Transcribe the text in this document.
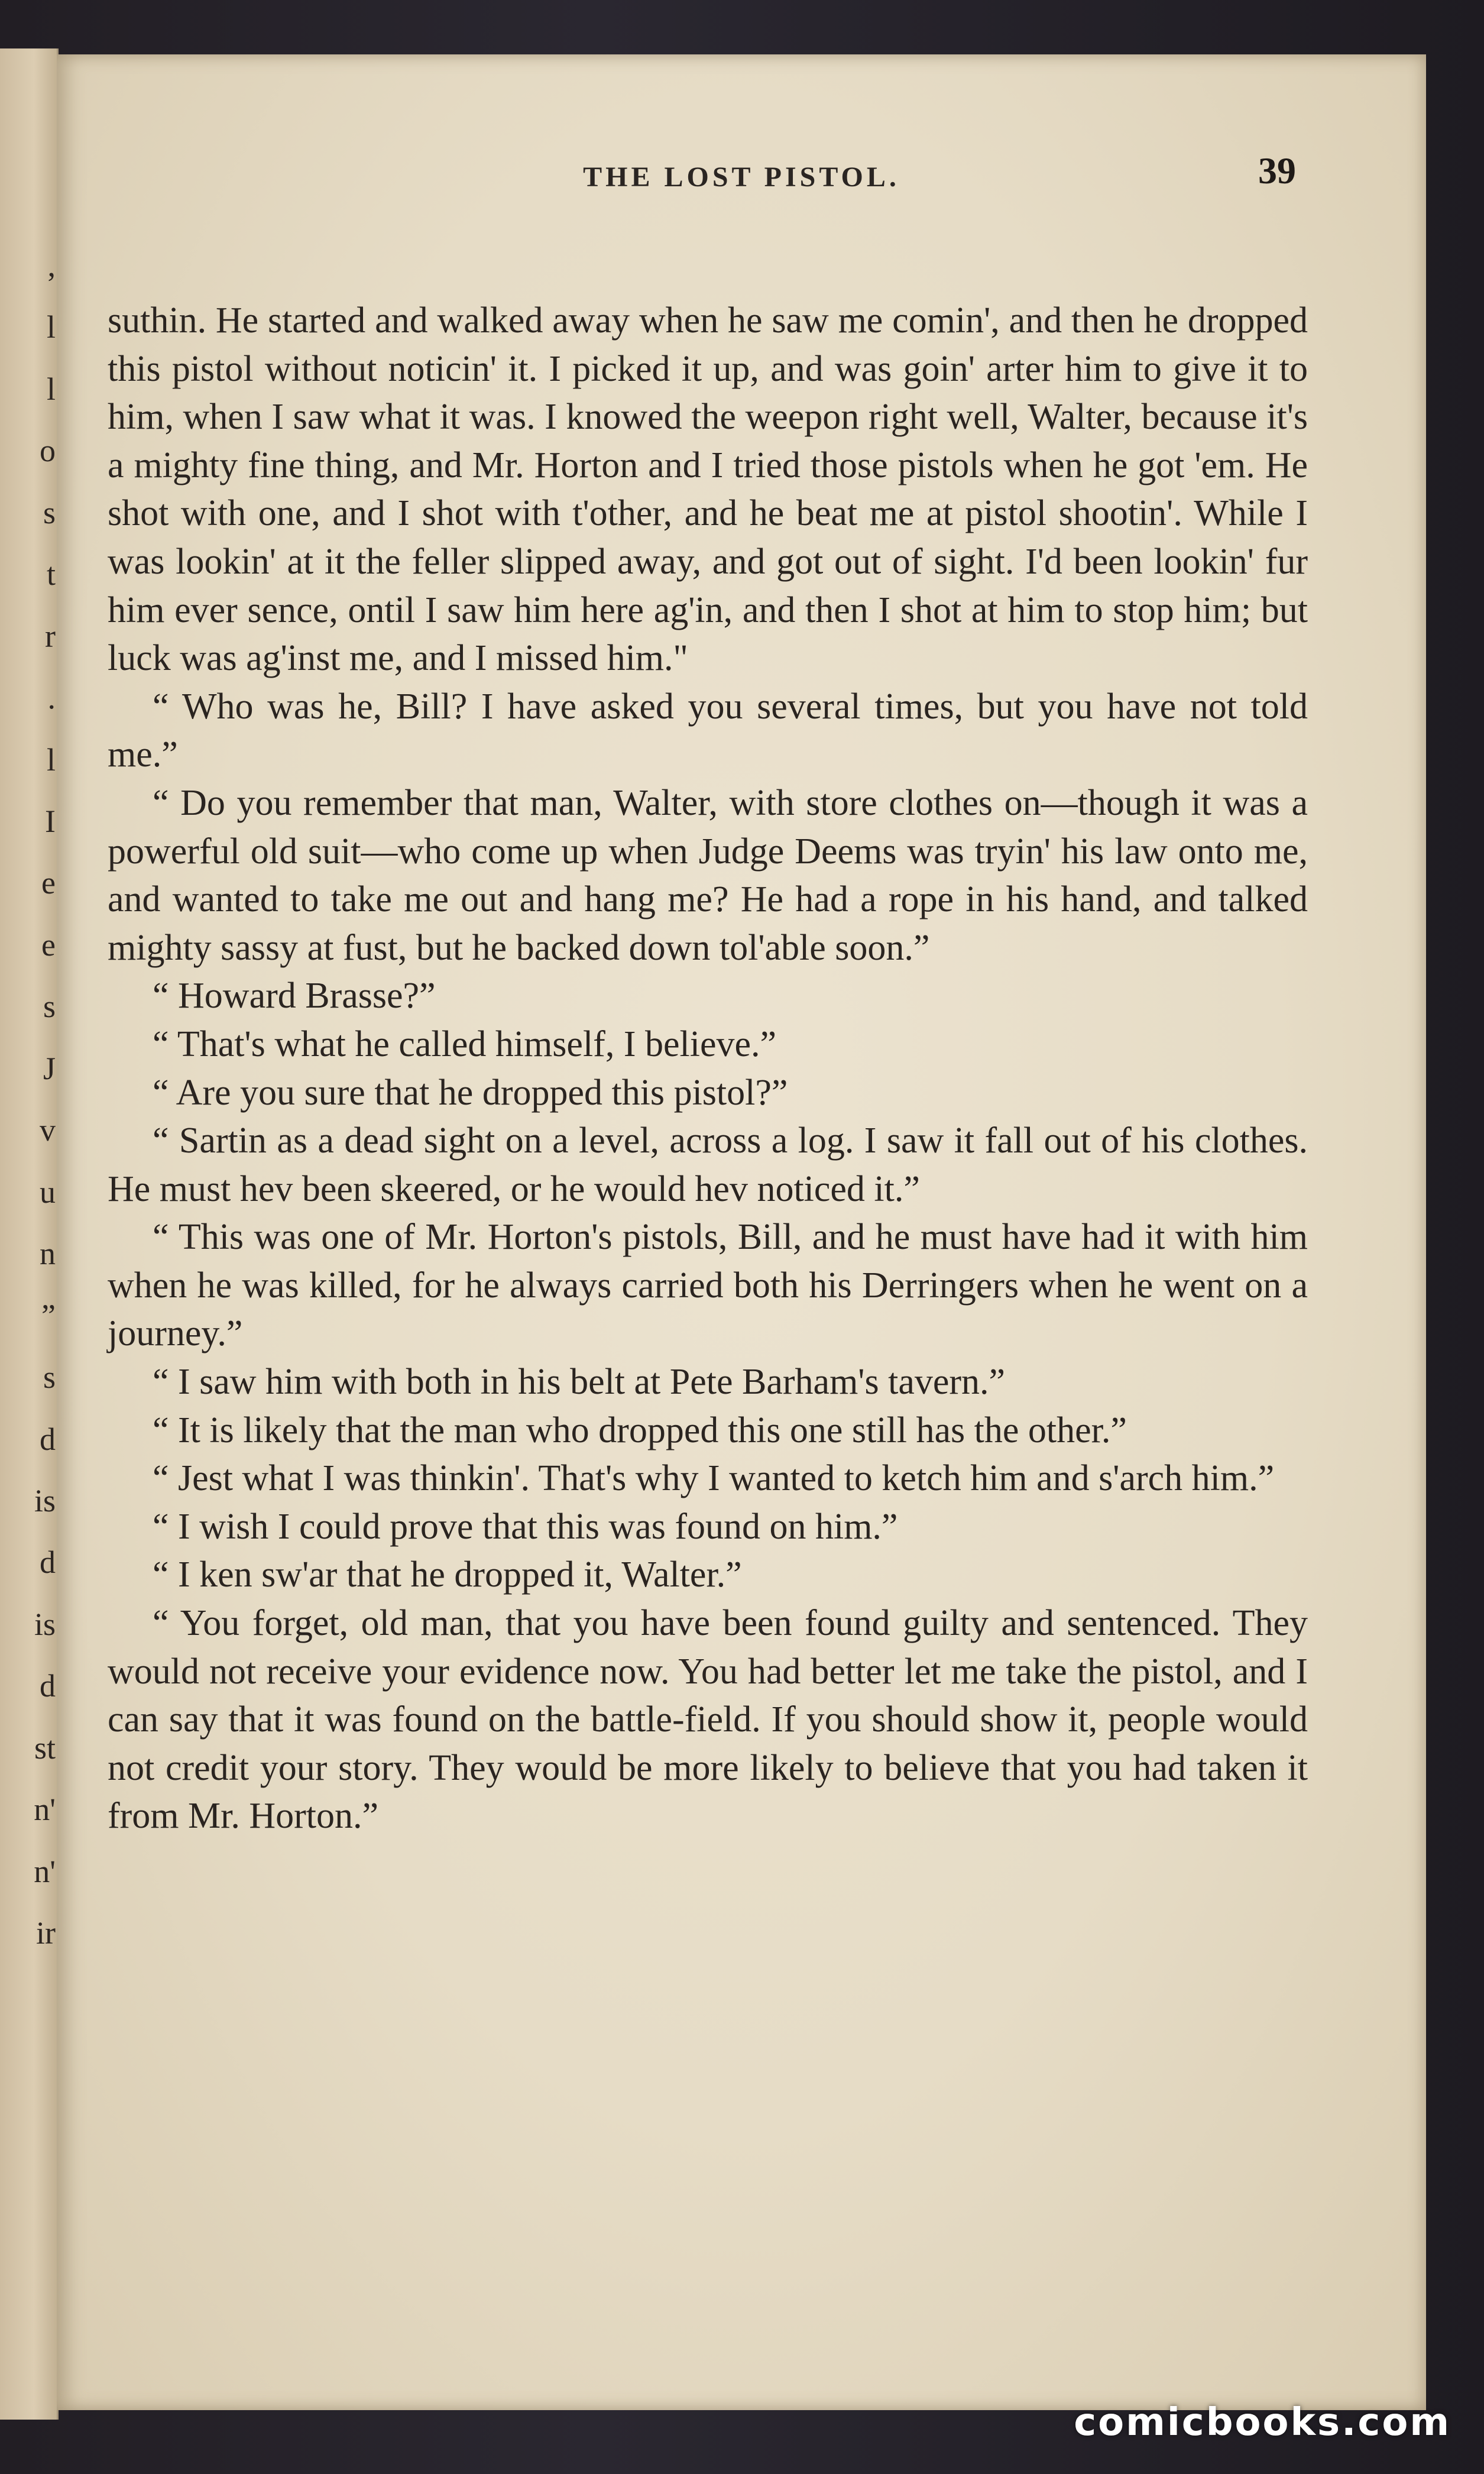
,
l
l
o
s
t
r
.
l
I
e
e
s
J
v
u
n
”
s
d
is
d
is
d
st
n'
n'
ir
THE LOST PISTOL.	39

suthin. He started and walked away when he saw me comin', and then he dropped this pistol without noticin' it. I picked it up, and was goin' arter him to give it to him, when I saw what it was. I knowed the weepon right well, Walter, because it's a mighty fine thing, and Mr. Horton and I tried those pistols when he got 'em. He shot with one, and I shot with t'other, and he beat me at pistol shootin'. While I was lookin' at it the feller slipped away, and got out of sight. I'd been lookin' fur him ever sence, ontil I saw him here ag'in, and then I shot at him to stop him; but luck was ag'inst me, and I missed him."

“ Who was he, Bill? I have asked you several times, but you have not told me.”

“ Do you remember that man, Walter, with store clothes on—though it was a powerful old suit—who come up when Judge Deems was tryin' his law onto me, and wanted to take me out and hang me? He had a rope in his hand, and talked mighty sassy at fust, but he backed down tol'able soon.”

“ Howard Brasse?”

“ That's what he called himself, I believe.”

“ Are you sure that he dropped this pistol?”

“ Sartin as a dead sight on a level, across a log. I saw it fall out of his clothes. He must hev been skeered, or he would hev noticed it.”

“ This was one of Mr. Horton's pistols, Bill, and he must have had it with him when he was killed, for he always carried both his Derringers when he went on a journey.”

“ I saw him with both in his belt at Pete Barham's tavern.”

“ It is likely that the man who dropped this one still has the other.”

“ Jest what I was thinkin'. That's why I wanted to ketch him and s'arch him.”

“ I wish I could prove that this was found on him.”

“ I ken sw'ar that he dropped it, Walter.”

“ You forget, old man, that you have been found guilty and sentenced. They would not receive your evidence now. You had better let me take the pistol, and I can say that it was found on the battle-field. If you should show it, people would not credit your story. They would be more likely to believe that you had taken it from Mr. Horton.”

comicbooks.com
